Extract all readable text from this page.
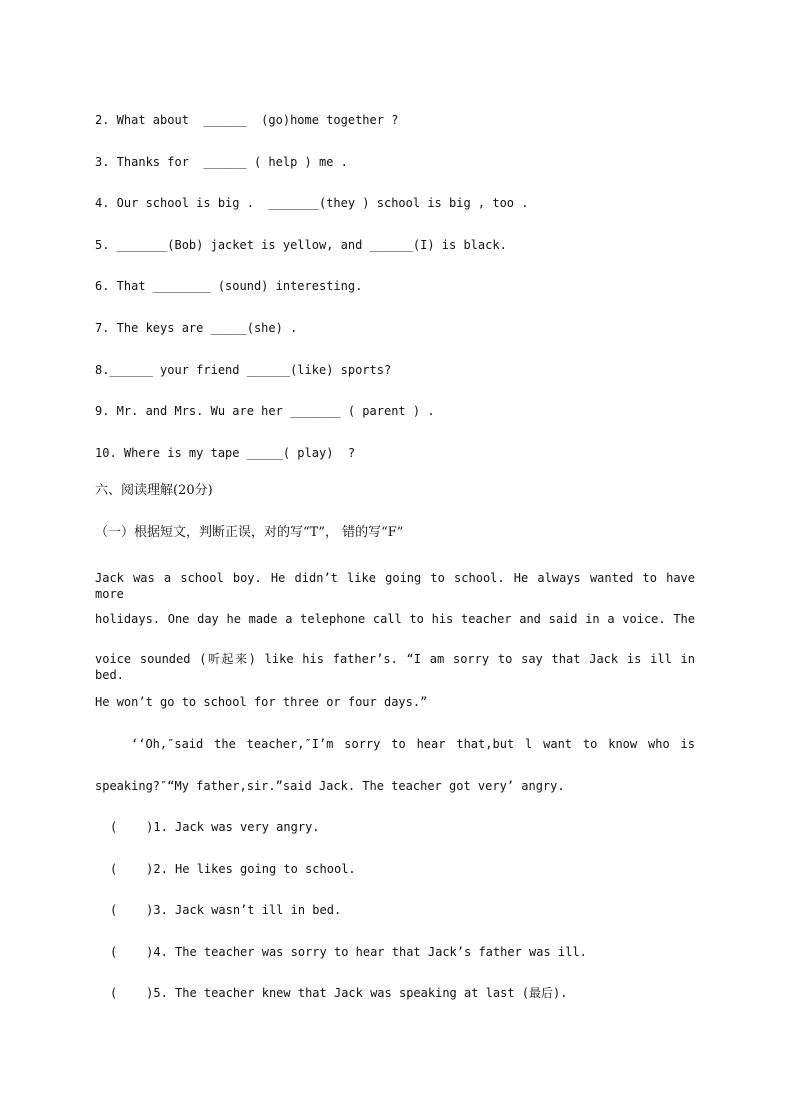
2. What about  ______  (go)home together ?
3. Thanks for  ______ ( help ) me .
4. Our school is big .  _______(they ) school is big , too .
5. _______(Bob) jacket is yellow, and ______(I) is black.
6. That ________ (sound) interesting.
7. The keys are _____(she) .
8.______ your friend ______(like) sports?
9. Mr. and Mrs. Wu are her _______ ( parent ) .
10. Where is my tape _____( play)  ?
六、阅读理解(20分)
（一）根据短文，判断正误，对的写“T”， 错的写“F”
Jack was a school boy. He didn’t like going to school. He always wanted to have more
holidays. One day he made a telephone call to his teacher and said in a voice. The
voice sounded (听起来) like his father’s. “I am sorry to say that Jack is ill in bed.
He won’t go to school for three or four days.”
‘‘Oh,″said the teacher,″I’m sorry to hear that,but l want to know who is
speaking?″“My father,sir.”said Jack. The teacher got very’ angry.
(    )1. Jack was very angry.
(    )2. He likes going to school.
(    )3. Jack wasn’t ill in bed.
(    )4. The teacher was sorry to hear that Jack’s father was ill.
(    )5. The teacher knew that Jack was speaking at last (最后).
